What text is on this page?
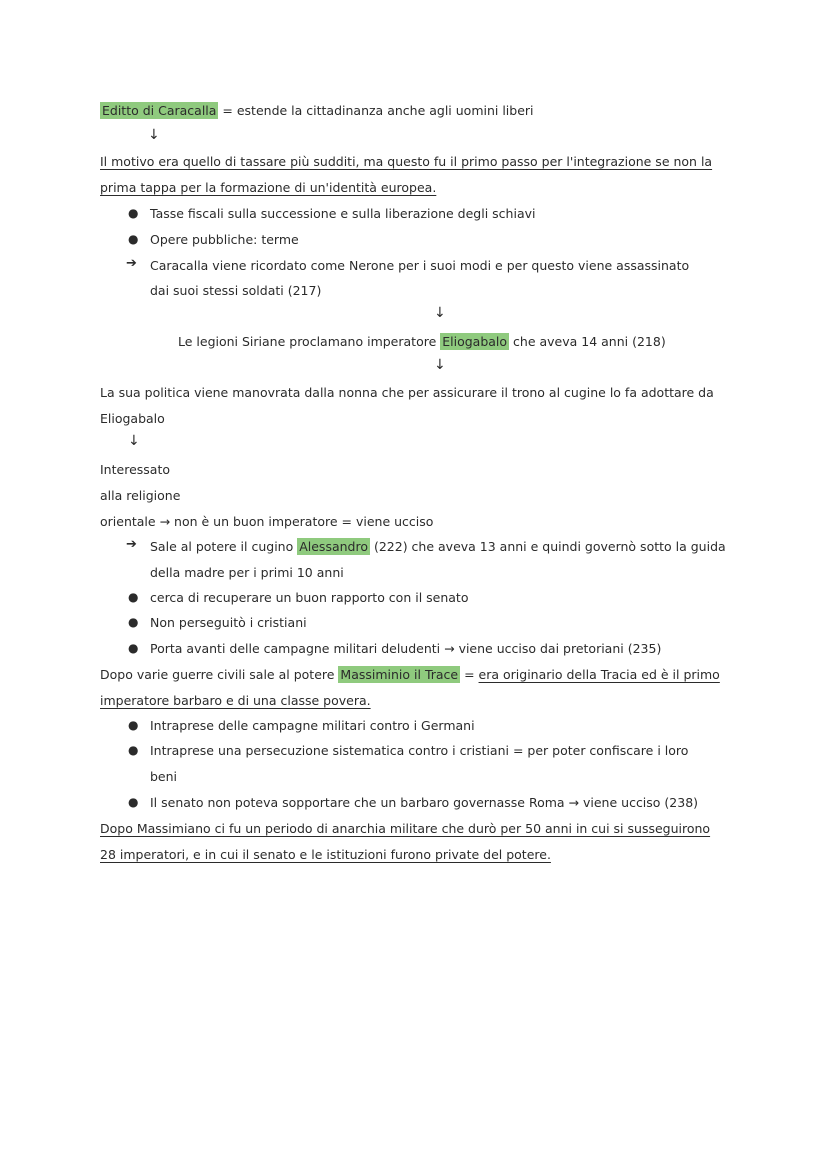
Editto di Caracalla = estende la cittadinanza anche agli uomini liberi
↓
Il motivo era quello di tassare più sudditi, ma questo fu il primo passo per l'integrazione se non la
prima tappa per la formazione di un'identità europea.
● Tasse fiscali sulla successione e sulla liberazione degli schiavi
● Opere pubbliche: terme
➔ Caracalla viene ricordato come Nerone per i suoi modi e per questo viene assassinato
dai suoi stessi soldati (217)
↓
Le legioni Siriane proclamano imperatore Eliogabalo che aveva 14 anni (218)
↓
La sua politica viene manovrata dalla nonna che per assicurare il trono al cugine lo fa adottare da
Eliogabalo
↓
Interessato
alla religione
orientale → non è un buon imperatore = viene ucciso
➔ Sale al potere il cugino Alessandro (222) che aveva 13 anni e quindi governò sotto la guida
della madre per i primi 10 anni
● cerca di recuperare un buon rapporto con il senato
● Non perseguitò i cristiani
● Porta avanti delle campagne militari deludenti → viene ucciso dai pretoriani (235)
Dopo varie guerre civili sale al potere Massiminio il Trace = era originario della Tracia ed è il primo
imperatore barbaro e di una classe povera.
● Intraprese delle campagne militari contro i Germani
● Intraprese una persecuzione sistematica contro i cristiani = per poter confiscare i loro
beni
● Il senato non poteva sopportare che un barbaro governasse Roma → viene ucciso (238)
Dopo Massimiano ci fu un periodo di anarchia militare che durò per 50 anni in cui si susseguirono
28 imperatori, e in cui il senato e le istituzioni furono private del potere.
